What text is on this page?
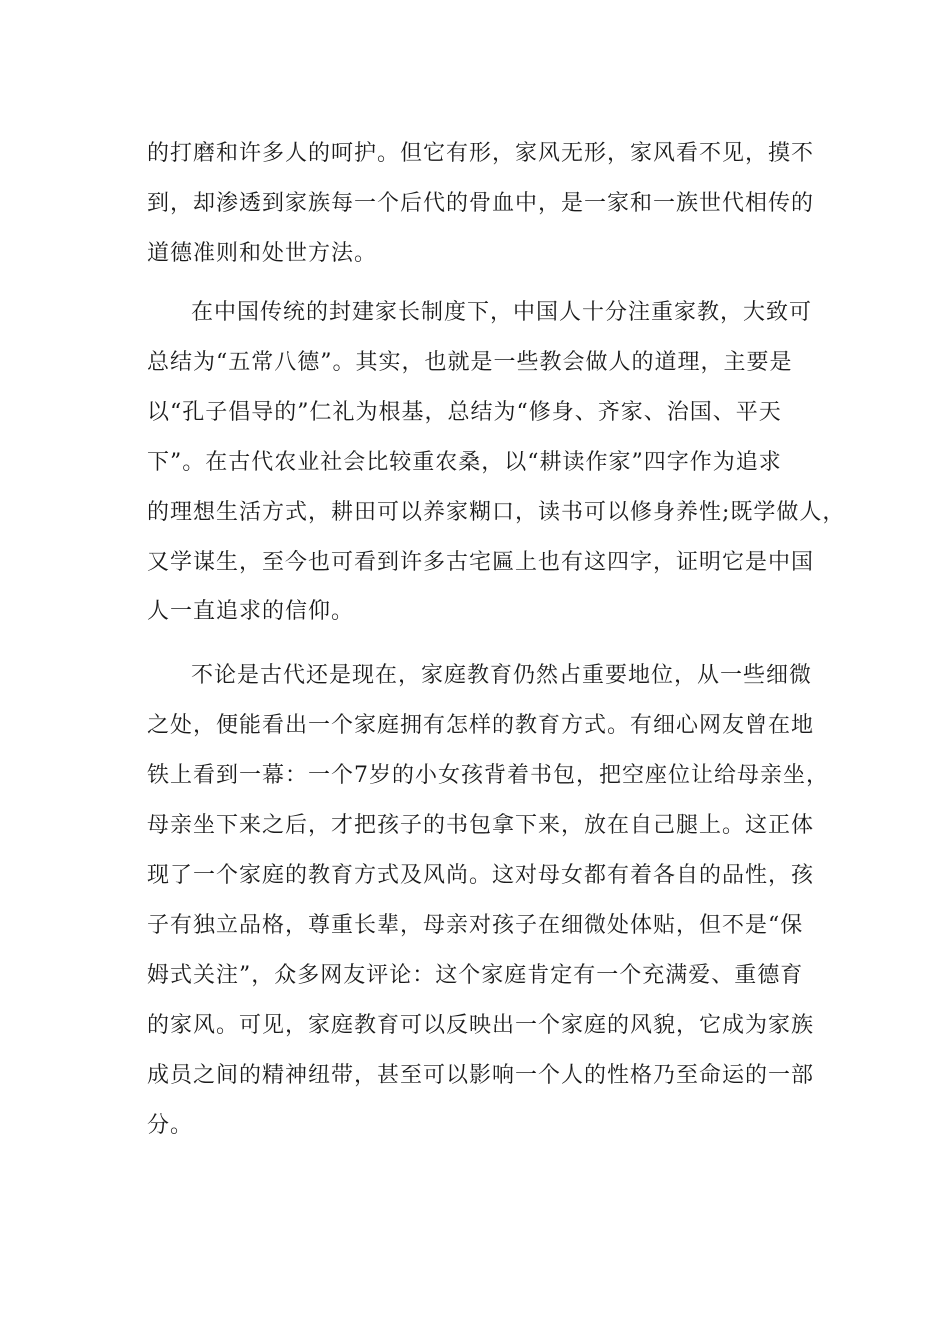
的打磨和许多人的呵护。但它有形，家风无形，家风看不见，摸不
到，却渗透到家族每一个后代的骨血中，是一家和一族世代相传的
道德准则和处世方法。
在中国传统的封建家长制度下，中国人十分注重家教，大致可
总结为“五常八德”。其实，也就是一些教会做人的道理，主要是
以“孔子倡导的”仁礼为根基，总结为“修身、齐家、治国、平天
下”。在古代农业社会比较重农桑，以“耕读作家”四字作为追求
的理想生活方式，耕田可以养家糊口，读书可以修身养性;既学做人，
又学谋生，至今也可看到许多古宅匾上也有这四字，证明它是中国
人一直追求的信仰。
不论是古代还是现在，家庭教育仍然占重要地位，从一些细微
之处，便能看出一个家庭拥有怎样的教育方式。有细心网友曾在地
铁上看到一幕：一个7岁的小女孩背着书包，把空座位让给母亲坐，
母亲坐下来之后，才把孩子的书包拿下来，放在自己腿上。这正体
现了一个家庭的教育方式及风尚。这对母女都有着各自的品性，孩
子有独立品格，尊重长辈，母亲对孩子在细微处体贴，但不是“保
姆式关注”，众多网友评论：这个家庭肯定有一个充满爱、重德育
的家风。可见，家庭教育可以反映出一个家庭的风貌，它成为家族
成员之间的精神纽带，甚至可以影响一个人的性格乃至命运的一部
分。
